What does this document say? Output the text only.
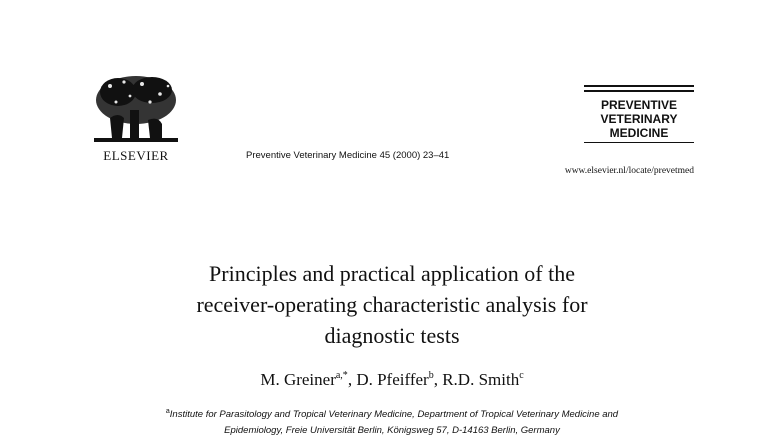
ELSEVIER	Preventive Veterinary Medicine 45 (2000) 23–41
PREVENTIVE
VETERINARY
MEDICINE
www.elsevier.nl/locate/prevetmed
Principles and practical application of the
receiver-operating characteristic analysis for
diagnostic tests
M. Greiner$^{a,*}$, D. Pfeiffer$^b$, R.D. Smith$^c$
$^a$Institute for Parasitology and Tropical Veterinary Medicine, Department of Tropical Veterinary Medicine and
Epidemiology, Freie Universität Berlin, Königsweg 57, D-14163 Berlin, Germany
